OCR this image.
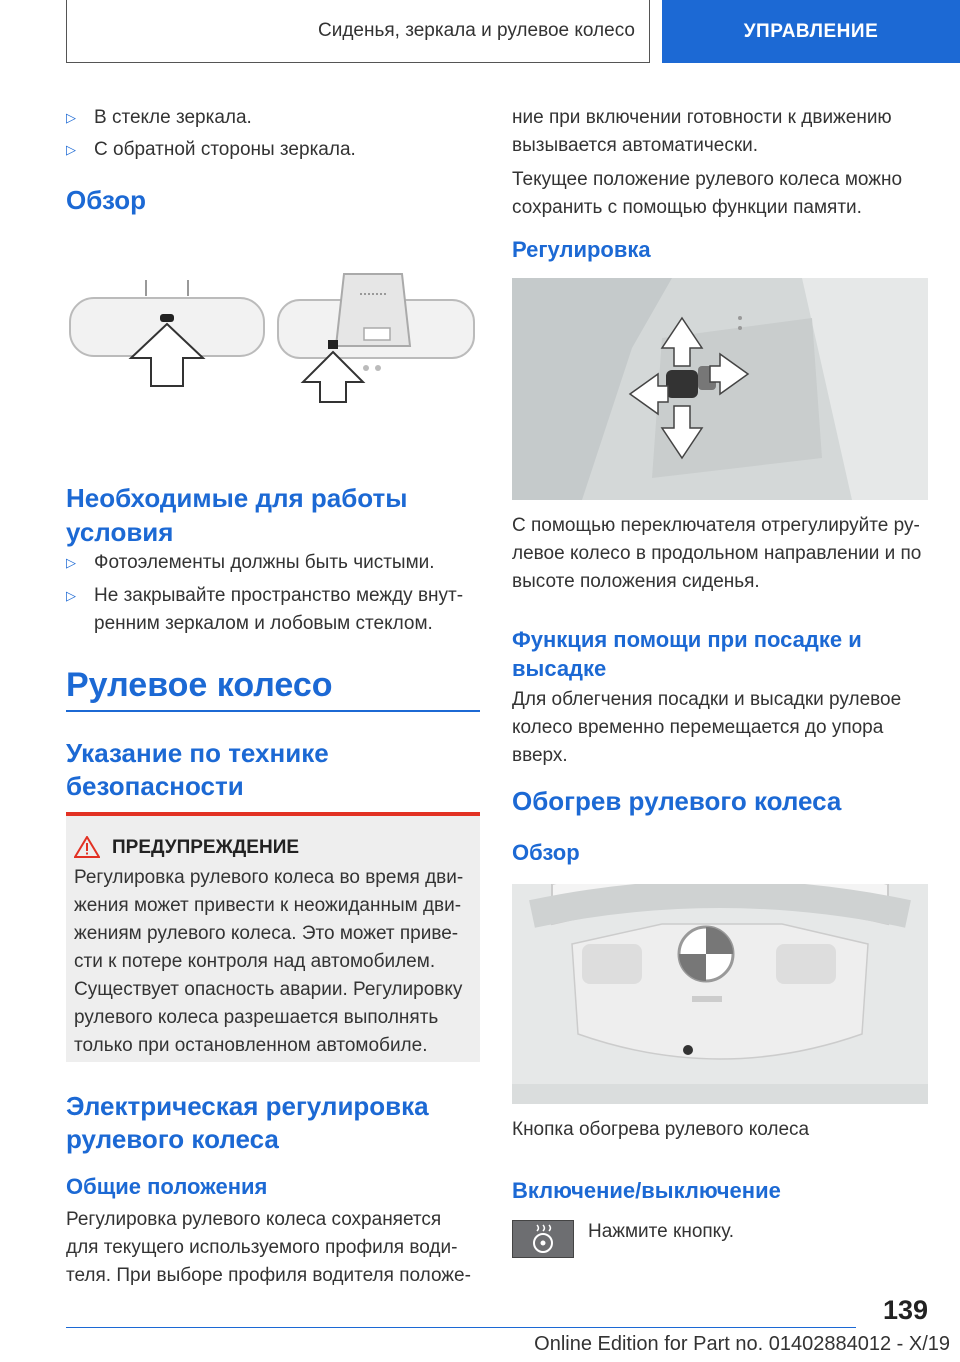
Сиденья, зеркала и рулевое колесо	УПРАВЛЕНИЕ
▷ В стекле зеркала.
▷ С обратной стороны зеркала.
Обзор
Необходимые для работы
условия
▷ Фотоэлементы должны быть чистыми.
▷ Не закрывайте пространство между внут-
ренним зеркалом и лобовым стеклом.
Рулевое колесо
Указание по технике
безопасности
ПРЕДУПРЕЖДЕНИЕ
Регулировка рулевого колеса во время дви-
жения может привести к неожиданным дви-
жениям рулевого колеса. Это может приве-
сти к потере контроля над автомобилем.
Существует опасность аварии. Регулировку
рулевого колеса разрешается выполнять
только при остановленном автомобиле.
Электрическая регулировка
рулевого колеса
Общие положения
Регулировка рулевого колеса сохраняется
для текущего используемого профиля води-
теля. При выборе профиля водителя положе-
ние при включении готовности к движению
вызывается автоматически.
Текущее положение рулевого колеса можно
сохранить с помощью функции памяти.
Регулировка
С помощью переключателя отрегулируйте ру-
левое колесо в продольном направлении и по
высоте положения сиденья.
Функция помощи при посадке и
высадке
Для облегчения посадки и высадки рулевое
колесо временно перемещается до упора
вверх.
Обогрев рулевого колеса
Обзор
Кнопка обогрева рулевого колеса
Включение/выключение
Нажмите кнопку.
139
Online Edition for Part no. 01402884012 - X/19
